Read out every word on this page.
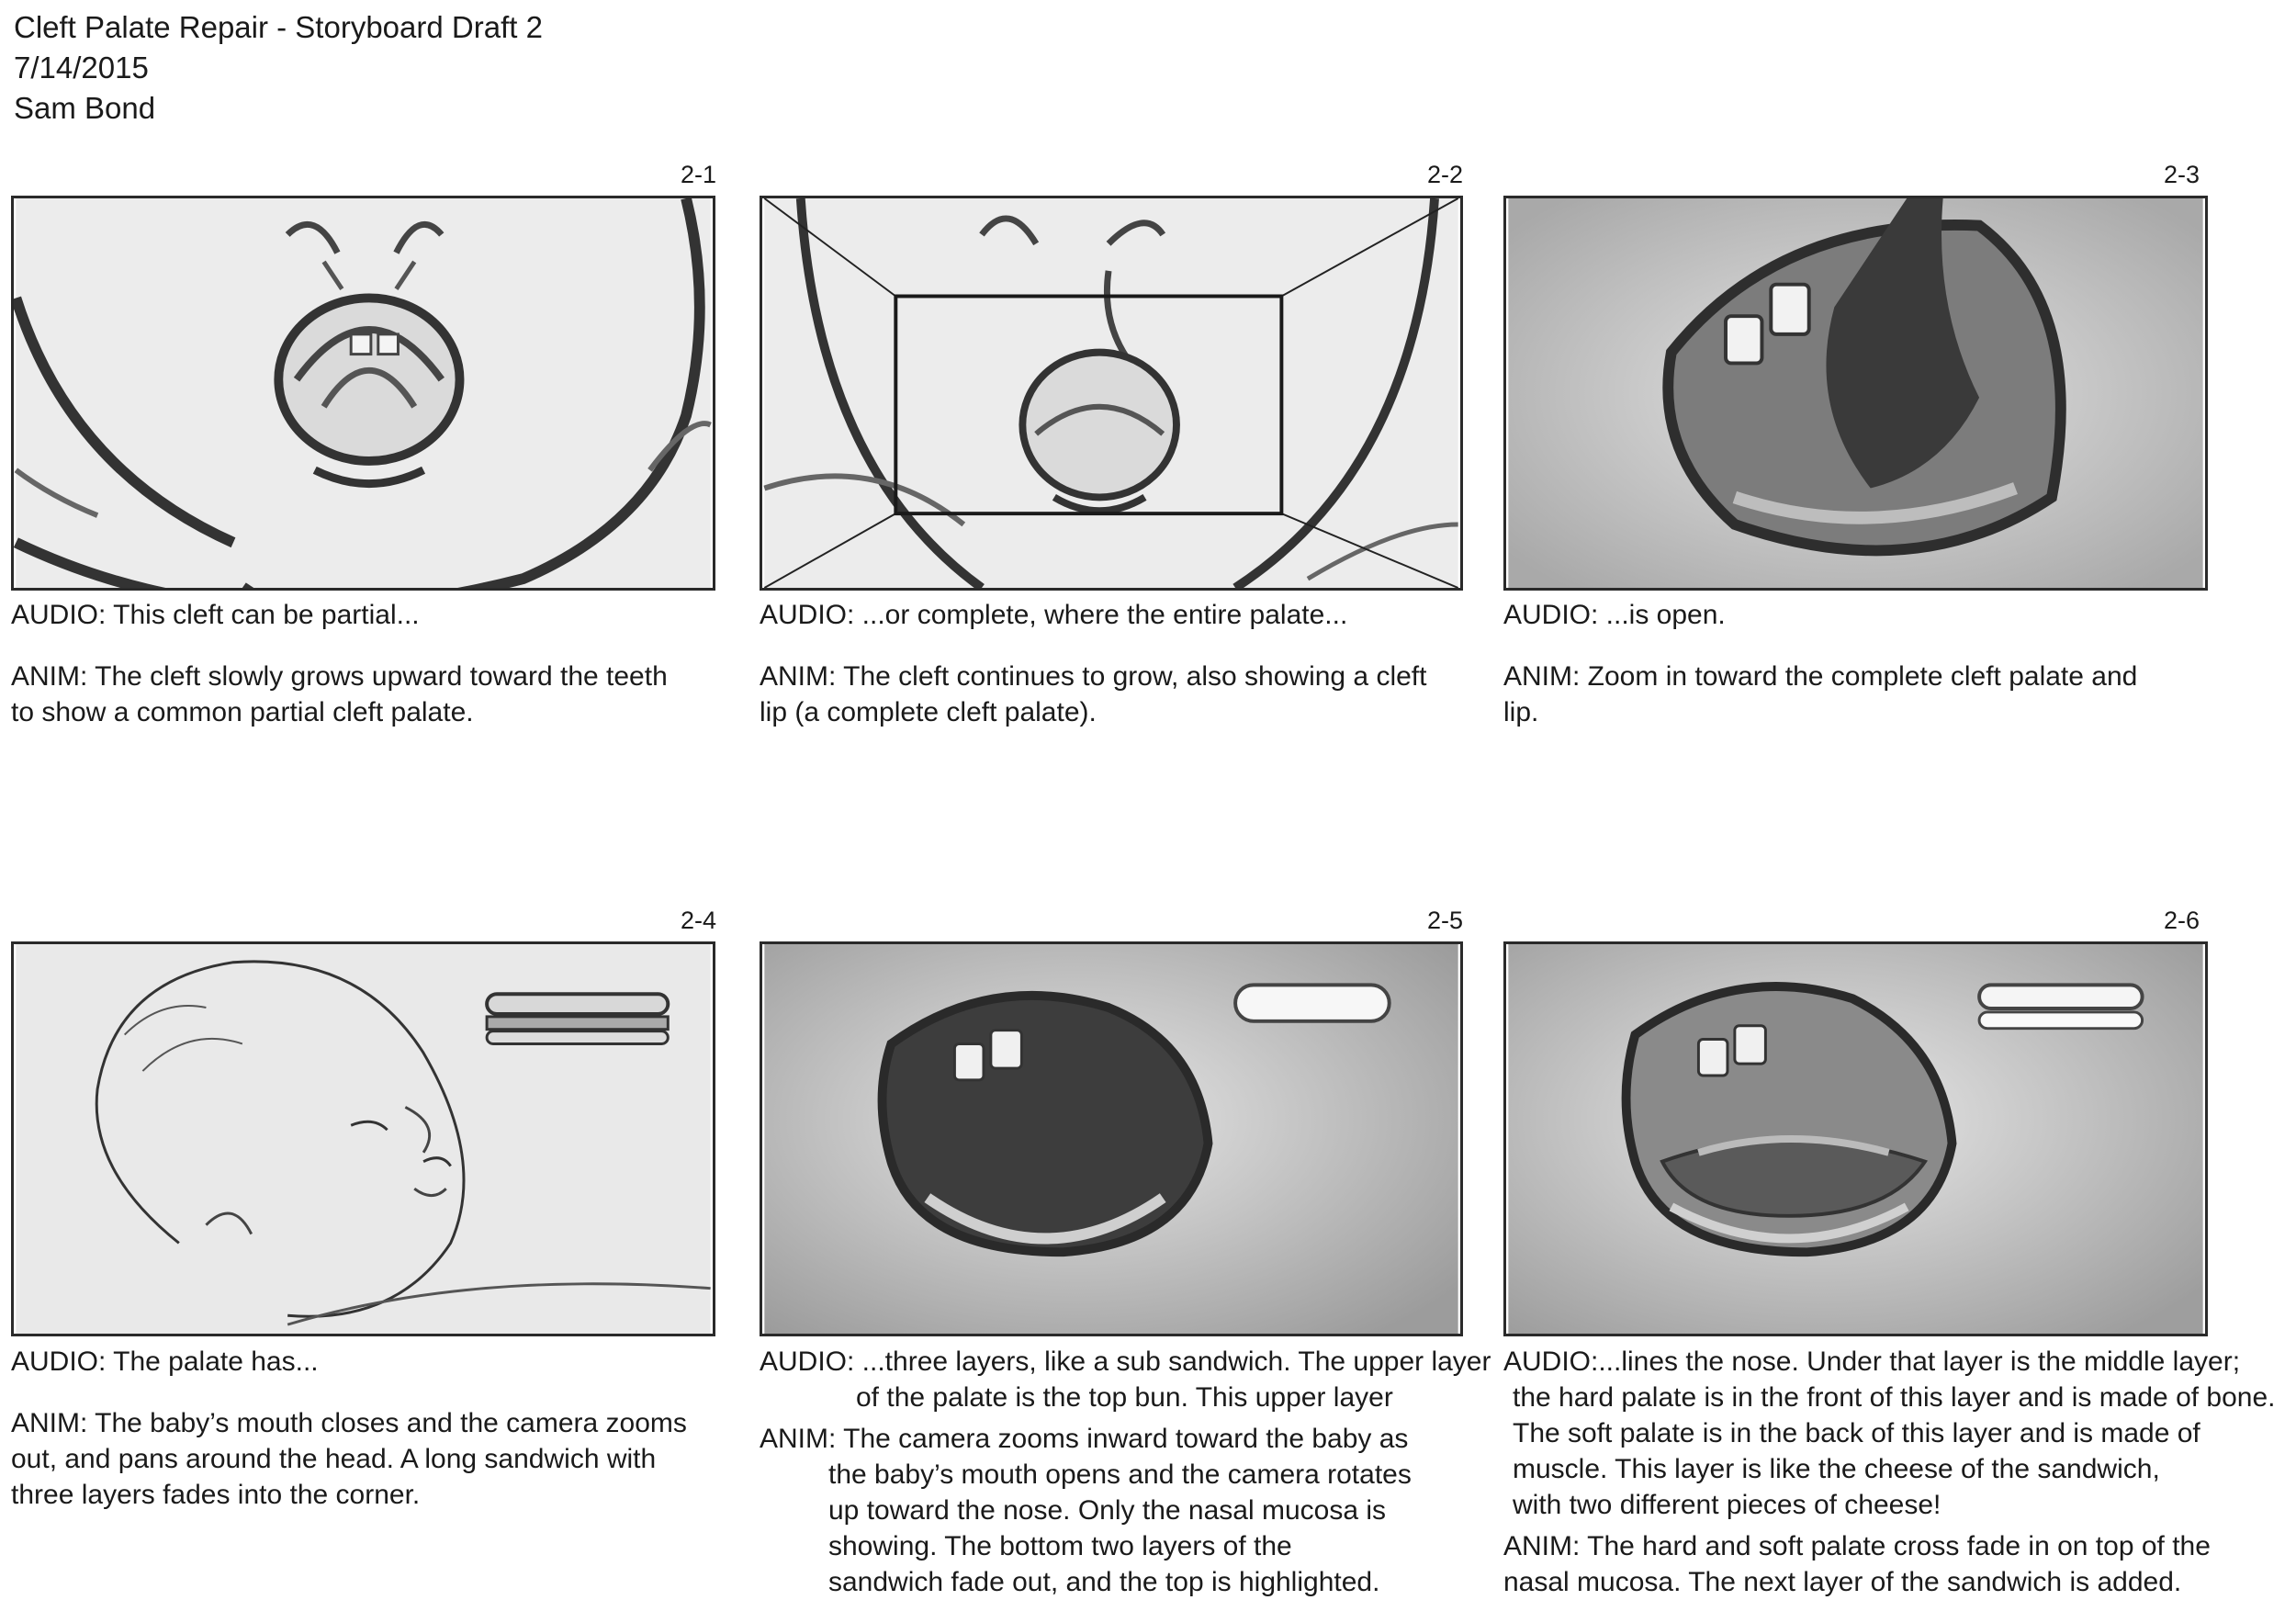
Cleft Palate Repair - Storyboard Draft 2
7/14/2015
Sam Bond
2-1
AUDIO: This cleft can be partial...
ANIM: The cleft slowly grows upward toward the teeth
to show a common partial cleft palate.
2-2
AUDIO: ...or complete, where the entire palate...
ANIM: The cleft continues to grow, also showing a cleft
lip (a complete cleft palate).
2-3
AUDIO: ...is open.
ANIM: Zoom in toward the complete cleft palate and
lip.
2-4
AUDIO: The palate has...
ANIM: The baby’s mouth closes and the camera zooms
out, and pans around the head. A long sandwich with
three layers fades into the corner.
2-5
AUDIO: ...three layers, like a sub sandwich. The upper layer
of the palate is the top bun. This upper layer
ANIM: The camera zooms inward toward the baby as
the baby’s mouth opens and the camera rotates
up toward the nose. Only the nasal mucosa is
showing. The bottom two layers of the
sandwich fade out, and the top is highlighted.
2-6
AUDIO:...lines the nose. Under that layer is the middle layer;
the hard palate is in the front of this layer and is made of bone.
The soft palate is in the back of this layer and is made of
muscle. This layer is like the cheese of the sandwich,
with two different pieces of cheese!
ANIM: The hard and soft palate cross fade in on top of the
nasal mucosa. The next layer of the sandwich is added.
